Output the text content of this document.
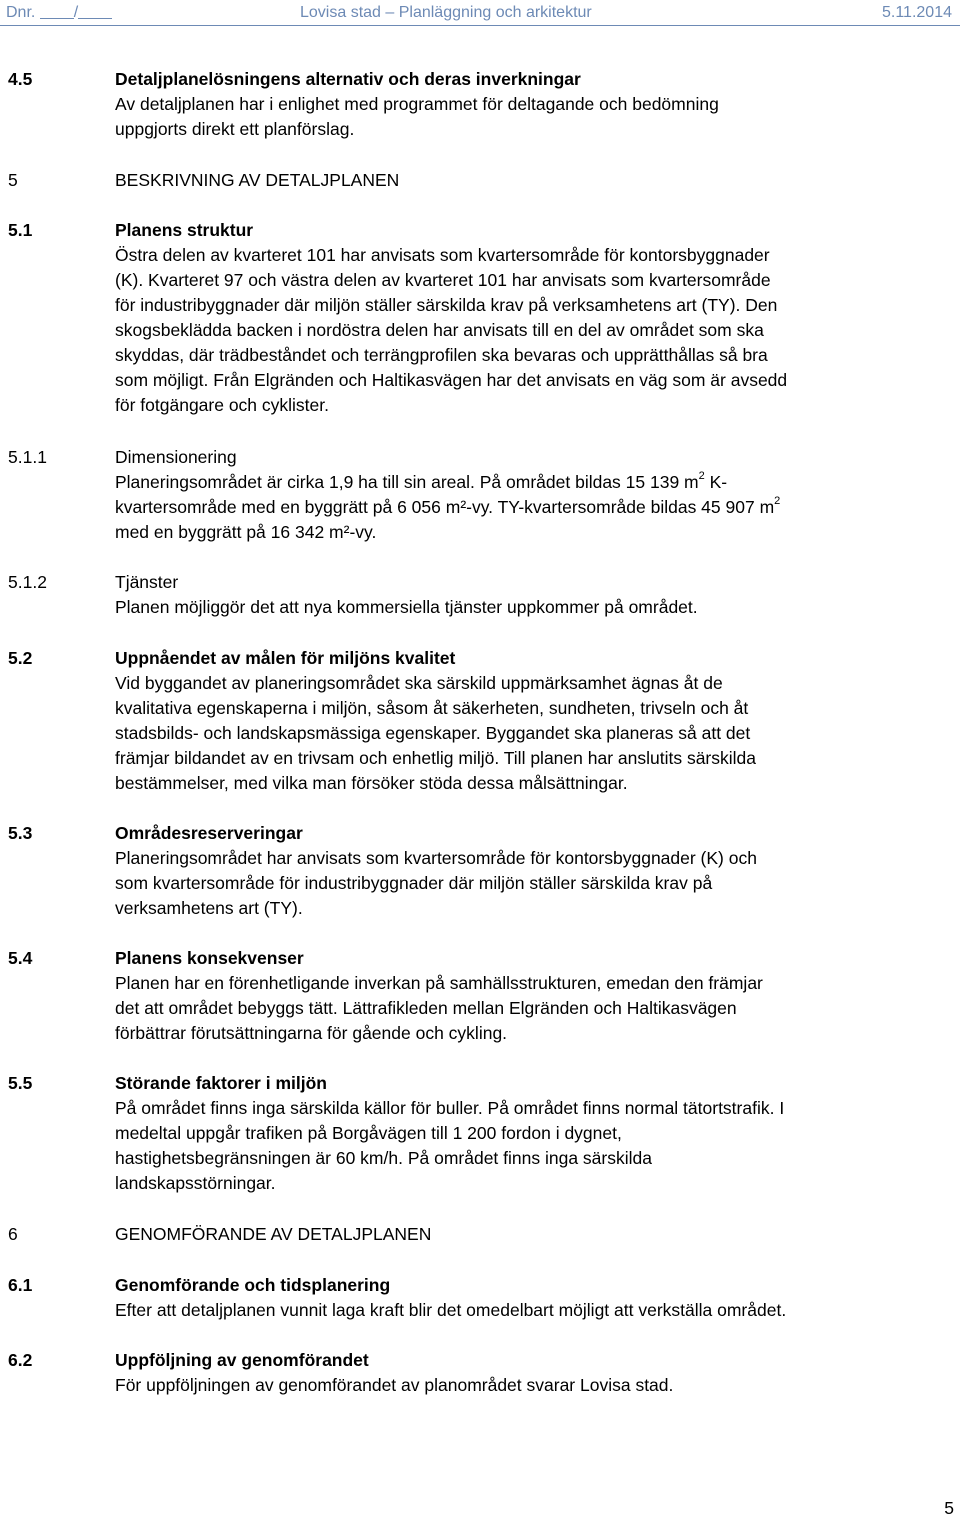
Dnr. /	Lovisa stad – Planläggning och arkitektur	5.11.2014
4.5	Detaljplanelösningens alternativ och deras inverkningar
Av detaljplanen har i enlighet med programmet för deltagande och bedömning
uppgjorts direkt ett planförslag.
5	BESKRIVNING AV DETALJPLANEN
5.1	Planens struktur
Östra delen av kvarteret 101 har anvisats som kvartersområde för kontorsbyggnader
(K). Kvarteret 97 och västra delen av kvarteret 101 har anvisats som kvartersområde
för industribyggnader där miljön ställer särskilda krav på verksamhetens art (TY). Den
skogsbeklädda backen i nordöstra delen har anvisats till en del av området som ska
skyddas, där trädbeståndet och terrängprofilen ska bevaras och upprätthållas så bra
som möjligt. Från Elgränden och Haltikasvägen har det anvisats en väg som är avsedd
för fotgängare och cyklister.
5.1.1	Dimensionering
Planeringsområdet är cirka 1,9 ha till sin areal. På området bildas 15 139 $m^2$ K-
kvartersområde med en byggrätt på 6 056 m²-vy. TY-kvartersområde bildas 45 907 $m^2$
med en byggrätt på 16 342 m²-vy.
5.1.2	Tjänster
Planen möjliggör det att nya kommersiella tjänster uppkommer på området.
5.2	Uppnåendet av målen för miljöns kvalitet
Vid byggandet av planeringsområdet ska särskild uppmärksamhet ägnas åt de
kvalitativa egenskaperna i miljön, såsom åt säkerheten, sundheten, trivseln och åt
stadsbilds- och landskapsmässiga egenskaper. Byggandet ska planeras så att det
främjar bildandet av en trivsam och enhetlig miljö. Till planen har anslutits särskilda
bestämmelser, med vilka man försöker stöda dessa målsättningar.
5.3	Områdesreserveringar
Planeringsområdet har anvisats som kvartersområde för kontorsbyggnader (K) och
som kvartersområde för industribyggnader där miljön ställer särskilda krav på
verksamhetens art (TY).
5.4	Planens konsekvenser
Planen har en förenhetligande inverkan på samhällsstrukturen, emedan den främjar
det att området bebyggs tätt. Lättrafikleden mellan Elgränden och Haltikasvägen
förbättrar förutsättningarna för gående och cykling.
5.5	Störande faktorer i miljön
På området finns inga särskilda källor för buller. På området finns normal tätortstrafik. I
medeltal uppgår trafiken på Borgåvägen till 1 200 fordon i dygnet,
hastighetsbegränsningen är 60 km/h. På området finns inga särskilda
landskapsstörningar.
6	GENOMFÖRANDE AV DETALJPLANEN
6.1	Genomförande och tidsplanering
Efter att detaljplanen vunnit laga kraft blir det omedelbart möjligt att verkställa området.
6.2	Uppföljning av genomförandet
För uppföljningen av genomförandet av planområdet svarar Lovisa stad.
5
